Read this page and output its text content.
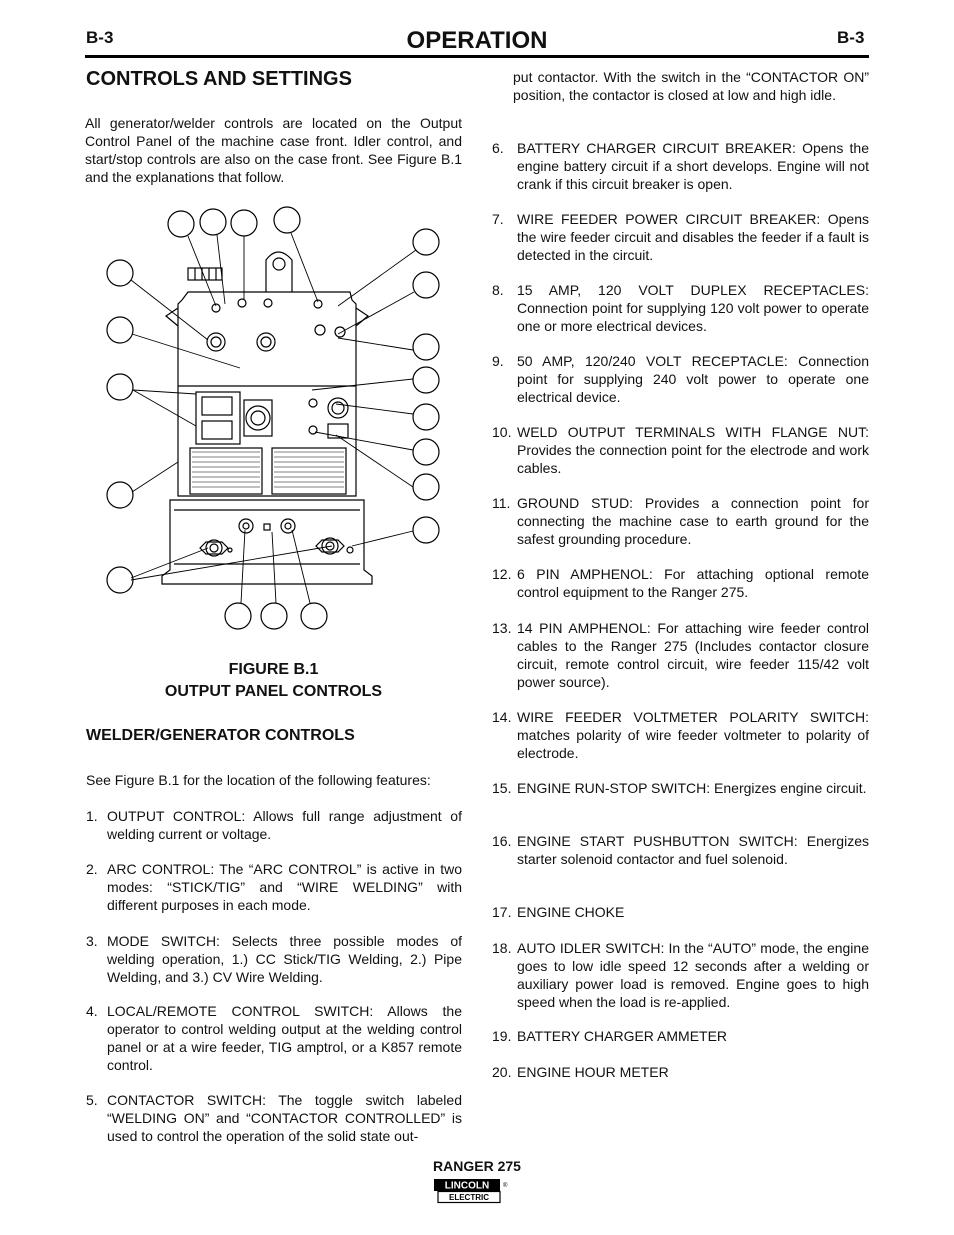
B-3	OPERATION	B-3
CONTROLS AND SETTINGS
All generator/welder controls are located on the Output Control Panel of the machine case front. Idler control, and start/stop controls are also on the case front. See Figure B.1 and the explanations that follow.
FIGURE B.1
OUTPUT PANEL CONTROLS
WELDER/GENERATOR CONTROLS
See Figure B.1 for the location of the following features:
1. OUTPUT CONTROL: Allows full range adjustment of welding current or voltage.
2. ARC CONTROL: The “ARC CONTROL” is active in two modes: “STICK/TIG” and “WIRE WELDING” with different purposes in each mode.
3. MODE SWITCH: Selects three possible modes of welding operation, 1.) CC Stick/TIG Welding, 2.) Pipe Welding, and 3.) CV Wire Welding.
4. LOCAL/REMOTE CONTROL SWITCH: Allows the operator to control welding output at the welding control panel or at a wire feeder, TIG amptrol, or a K857 remote control.
5. CONTACTOR SWITCH: The toggle switch labeled “WELDING ON” and “CONTACTOR CONTROLLED” is used to control the operation of the solid state out-
put contactor. With the switch in the “CONTACTOR ON” position, the contactor is closed at low and high idle.
6. BATTERY CHARGER CIRCUIT BREAKER: Opens the engine battery circuit if a short develops. Engine will not crank if this circuit breaker is open.
7. WIRE FEEDER POWER CIRCUIT BREAKER: Opens the wire feeder circuit and disables the feeder if a fault is detected in the circuit.
8. 15 AMP, 120 VOLT DUPLEX RECEPTACLES: Connection point for supplying 120 volt power to operate one or more electrical devices.
9. 50 AMP, 120/240 VOLT RECEPTACLE: Connection point for supplying 240 volt power to operate one electrical device.
10. WELD OUTPUT TERMINALS WITH FLANGE NUT: Provides the connection point for the electrode and work cables.
11. GROUND STUD: Provides a connection point for connecting the machine case to earth ground for the safest grounding procedure.
12. 6 PIN AMPHENOL: For attaching optional remote control equipment to the Ranger 275.
13. 14 PIN AMPHENOL: For attaching wire feeder control cables to the Ranger 275 (Includes contactor closure circuit, remote control circuit, wire feeder 115/42 volt power source).
14. WIRE FEEDER VOLTMETER POLARITY SWITCH: matches polarity of wire feeder voltmeter to polarity of electrode.
15. ENGINE RUN-STOP SWITCH: Energizes engine circuit.
16. ENGINE START PUSHBUTTON SWITCH: Energizes starter solenoid contactor and fuel solenoid.
17. ENGINE CHOKE
18. AUTO IDLER SWITCH: In the “AUTO” mode, the engine goes to low idle speed 12 seconds after a welding or auxiliary power load is removed. Engine goes to high speed when the load is re-applied.
19. BATTERY CHARGER AMMETER
20. ENGINE HOUR METER
RANGER 275
LINCOLN ®
ELECTRIC
